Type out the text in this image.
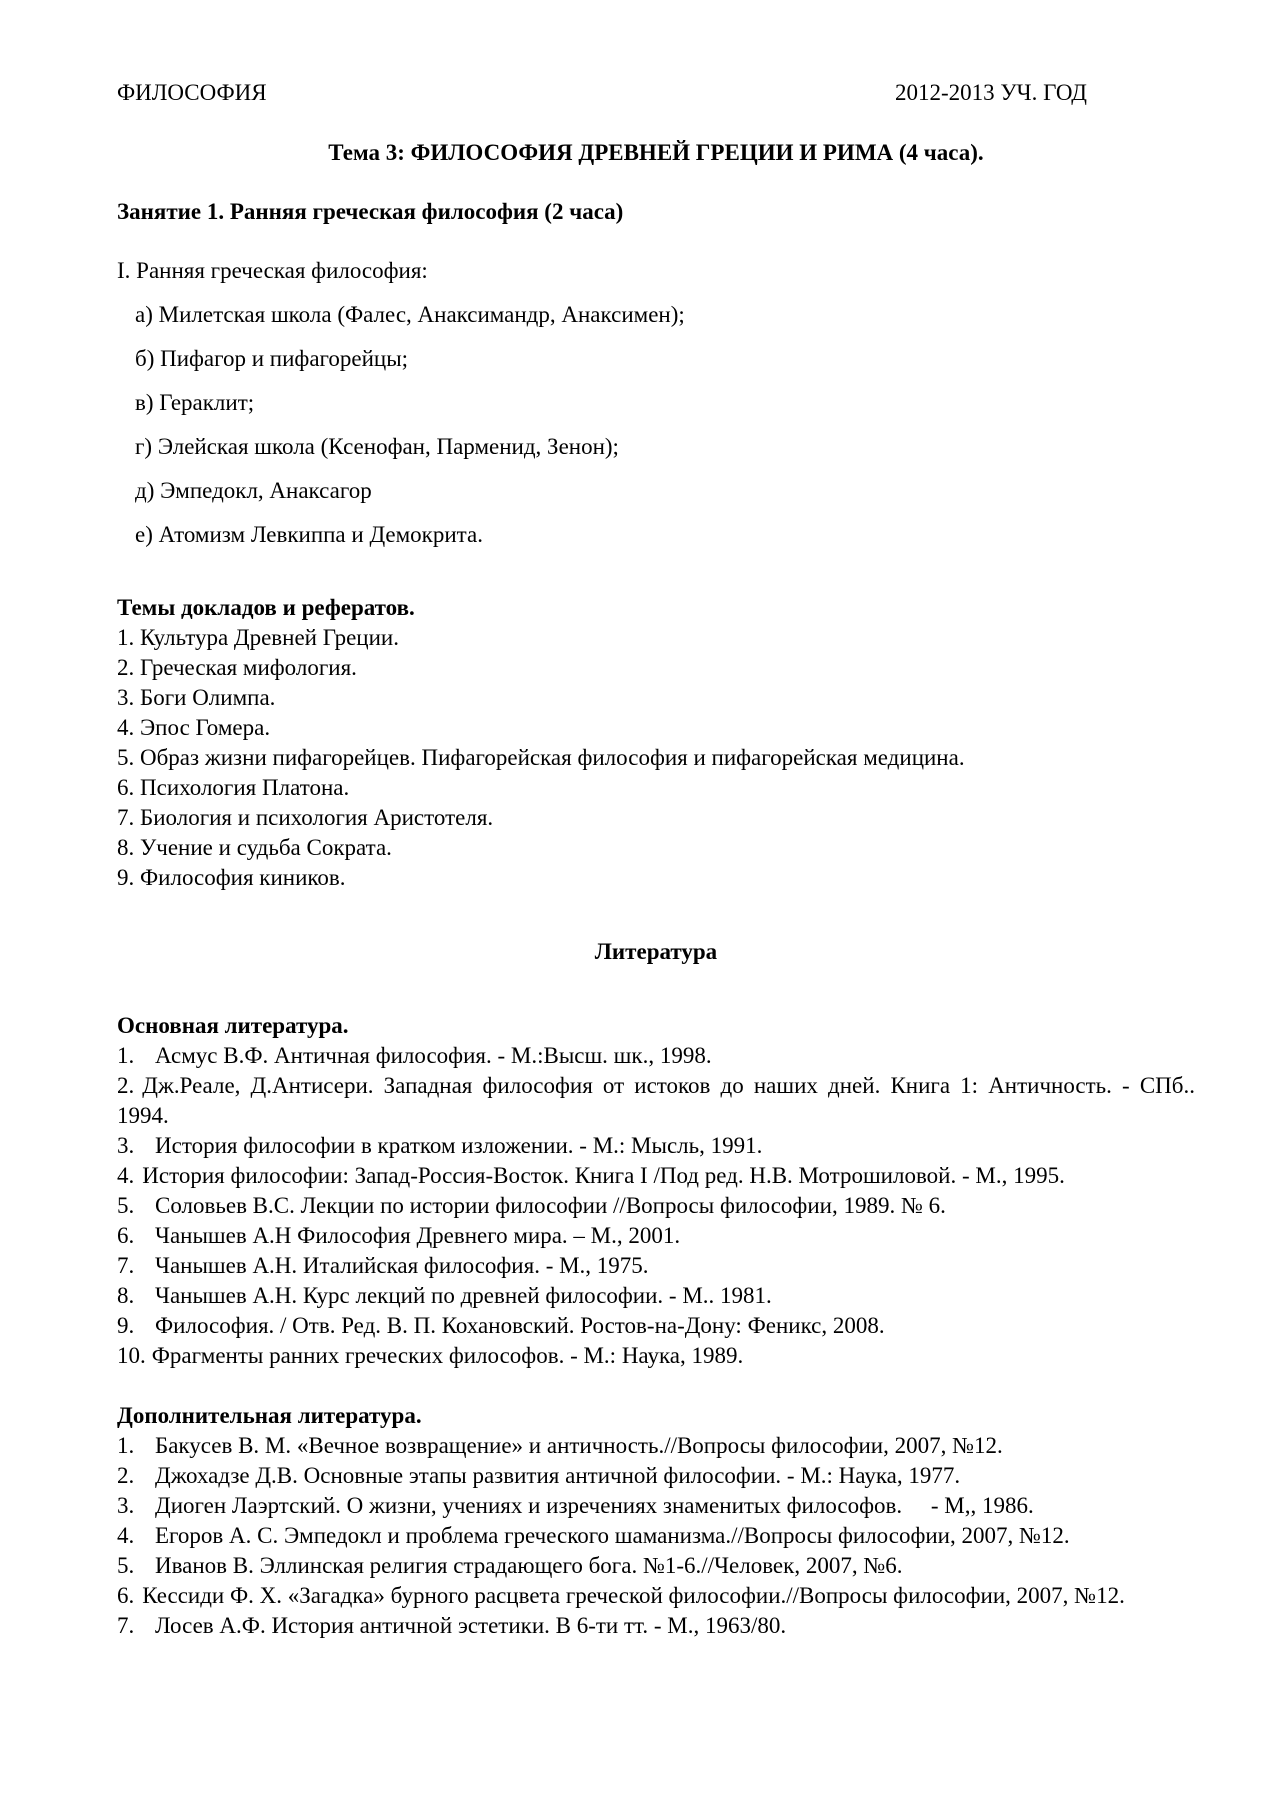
ФИЛОСОФИЯ	2012-2013 УЧ. ГОД
Тема 3: ФИЛОСОФИЯ ДРЕВНЕЙ ГРЕЦИИ И РИМА (4 часа).
Занятие 1. Ранняя греческая философия (2 часа)
I. Ранняя греческая философия:
а) Милетская школа (Фалес, Анаксимандр, Анаксимен);
б) Пифагор и пифагорейцы;
в) Гераклит;
г) Элейская школа (Ксенофан, Парменид, Зенон);
д) Эмпедокл, Анаксагор
е) Атомизм Левкиппа и Демокрита.
Темы докладов и рефератов.
1. Культура Древней Греции.
2. Греческая мифология.
3. Боги Олимпа.
4. Эпос Гомера.
5. Образ жизни пифагорейцев. Пифагорейская философия и пифагорейская медицина.
6. Психология Платона.
7. Биология и психология Аристотеля.
8. Учение и судьба Сократа.
9. Философия киников.
Литература
Основная литература.
1. Асмус В.Ф. Античная философия. - М.:Высш. шк., 1998.
2. Дж.Реале, Д.Антисери. Западная философия от истоков до наших дней. Книга 1: Античность. - СПб.. 1994.
3. История философии в кратком изложении. - М.: Мысль, 1991.
4. История философии: Запад-Россия-Восток. Книга I /Под ред. Н.В. Мотрошиловой. - М., 1995.
5. Соловьев В.С. Лекции по истории философии //Вопросы философии, 1989. № 6.
6. Чанышев А.Н Философия Древнего мира. – М., 2001.
7. Чанышев А.Н. Италийская философия. - М., 1975.
8. Чанышев А.Н. Курс лекций по древней философии. - М.. 1981.
9. Философия. / Отв. Ред. В. П. Кохановский. Ростов-на-Дону: Феникс, 2008.
10. Фрагменты ранних греческих философов. - М.: Наука, 1989.
Дополнительная литература.
1. Бакусев В. М. «Вечное возвращение» и античность.//Вопросы философии, 2007, №12.
2. Джохадзе Д.В. Основные этапы развития античной философии. - М.: Наука, 1977.
3. Диоген Лаэртский. О жизни, учениях и изречениях знаменитых философов.     - М,, 1986.
4. Егоров А. С. Эмпедокл и проблема греческого шаманизма.//Вопросы философии, 2007, №12.
5. Иванов В. Эллинская религия страдающего бога. №1-6.//Человек, 2007, №6.
6. Кессиди Ф. Х. «Загадка» бурного расцвета греческой философии.//Вопросы философии, 2007, №12.
7. Лосев А.Ф. История античной эстетики. В 6-ти тт. - М., 1963/80.
